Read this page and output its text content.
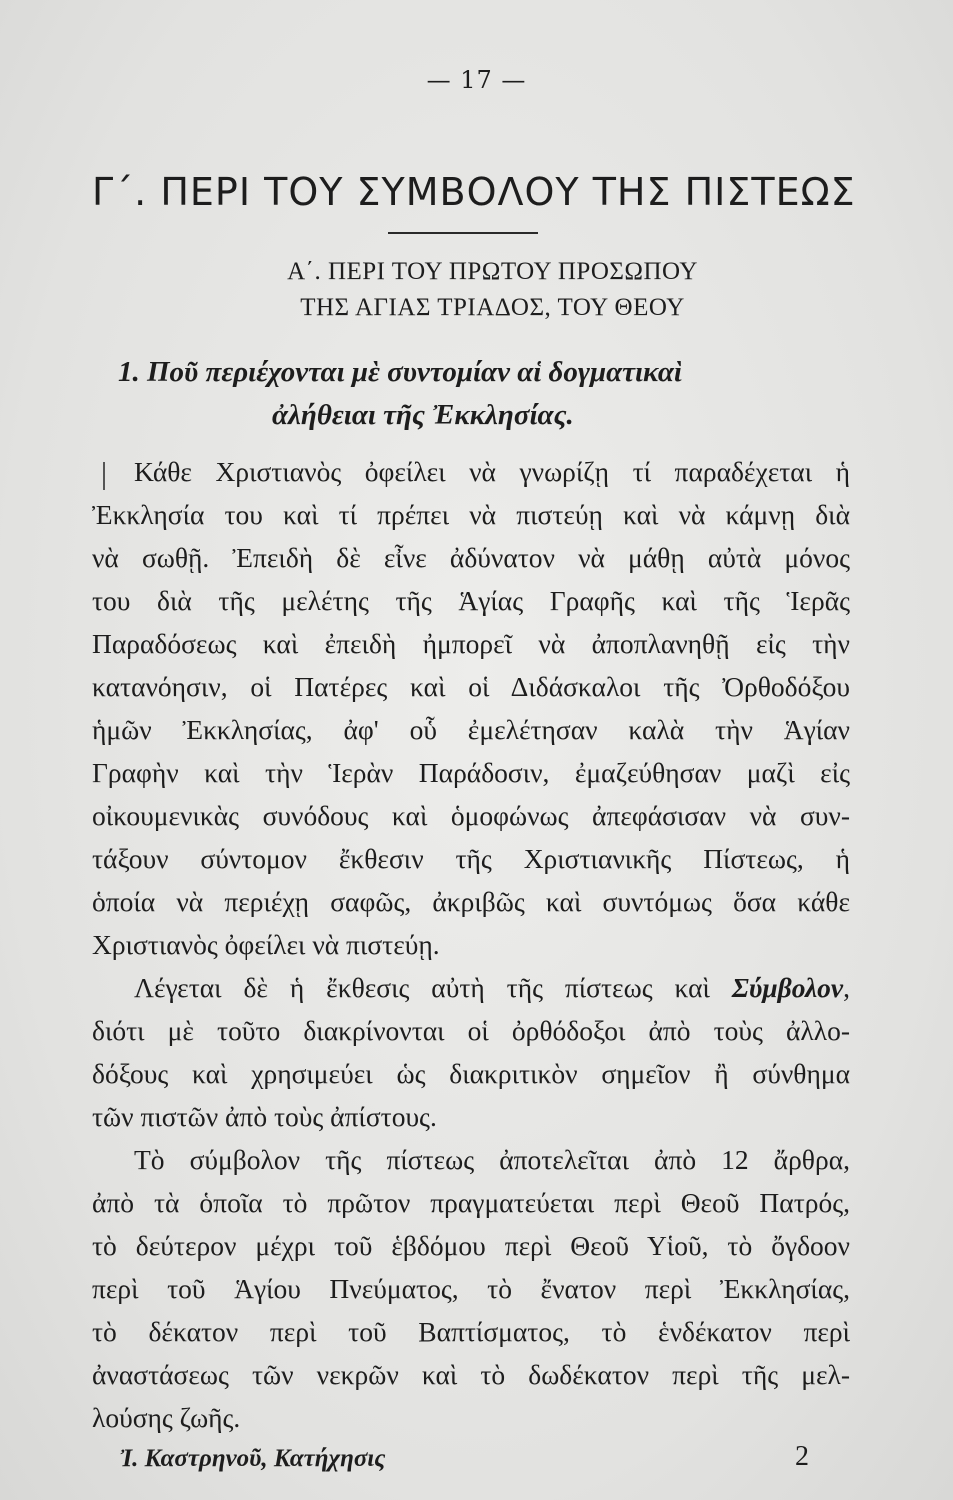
— 17 —
Γ΄. ΠΕΡΙ ΤΟΥ ΣΥΜΒΟΛΟΥ ΤΗΣ ΠΙΣΤΕΩΣ
Α΄. ΠΕΡΙ ΤΟΥ ΠΡΩΤΟΥ ΠΡΟΣΩΠΟΥ
ΤΗΣ ΑΓΙΑΣ ΤΡΙΑΔΟΣ, ΤΟΥ ΘΕΟΥ
1. Ποῦ περιέχονται μὲ συντομίαν αἱ δογματικαὶ
ἀλήθειαι τῆς Ἐκκλησίας.
Κάθε Χριστιανὸς ὀφείλει νὰ γνωρίζῃ τί παραδέχεται ἡ
Ἐκκλησία του καὶ τί πρέπει νὰ πιστεύῃ καὶ νὰ κάμνῃ διὰ
νὰ σωθῇ. Ἐπειδὴ δὲ εἶνε ἀδύνατον νὰ μάθῃ αὐτὰ μόνος
του διὰ τῆς μελέτης τῆς Ἁγίας Γραφῆς καὶ τῆς Ἱερᾶς
Παραδόσεως καὶ ἐπειδὴ ἠμπορεῖ νὰ ἀποπλανηθῇ εἰς τὴν
κατανόησιν, οἱ Πατέρες καὶ οἱ Διδάσκαλοι τῆς Ὀρθοδόξου
ἡμῶν Ἐκκλησίας, ἀφ' οὗ ἐμελέτησαν καλὰ τὴν Ἁγίαν
Γραφὴν καὶ τὴν Ἱερὰν Παράδοσιν, ἐμαζεύθησαν μαζὶ εἰς
οἰκουμενικὰς συνόδους καὶ ὁμοφώνως ἀπεφάσισαν νὰ συν-
τάξουν σύντομον ἔκθεσιν τῆς Χριστιανικῆς Πίστεως, ἡ
ὁποία νὰ περιέχῃ σαφῶς, ἀκριβῶς καὶ συντόμως ὅσα κάθε
Χριστιανὸς ὀφείλει νὰ πιστεύῃ.
Λέγεται δὲ ἡ ἔκθεσις αὐτὴ τῆς πίστεως καὶ Σύμβολον,
διότι μὲ τοῦτο διακρίνονται οἱ ὀρθόδοξοι ἀπὸ τοὺς ἀλλο-
δόξους καὶ χρησιμεύει ὡς διακριτικὸν σημεῖον ἢ σύνθημα
τῶν πιστῶν ἀπὸ τοὺς ἀπίστους.
Τὸ σύμβολον τῆς πίστεως ἀποτελεῖται ἀπὸ 12 ἄρθρα,
ἀπὸ τὰ ὁποῖα τὸ πρῶτον πραγματεύεται περὶ Θεοῦ Πατρός,
τὸ δεύτερον μέχρι τοῦ ἑβδόμου περὶ Θεοῦ Υἱοῦ, τὸ ὄγδοον
περὶ τοῦ Ἁγίου Πνεύματος, τὸ ἔνατον περὶ Ἐκκλησίας,
τὸ δέκατον περὶ τοῦ Βαπτίσματος, τὸ ἑνδέκατον περὶ
ἀναστάσεως τῶν νεκρῶν καὶ τὸ δωδέκατον περὶ τῆς μελ-
λούσης ζωῆς.
Ἰ. Καστρηνοῦ, Κατήχησις	2
